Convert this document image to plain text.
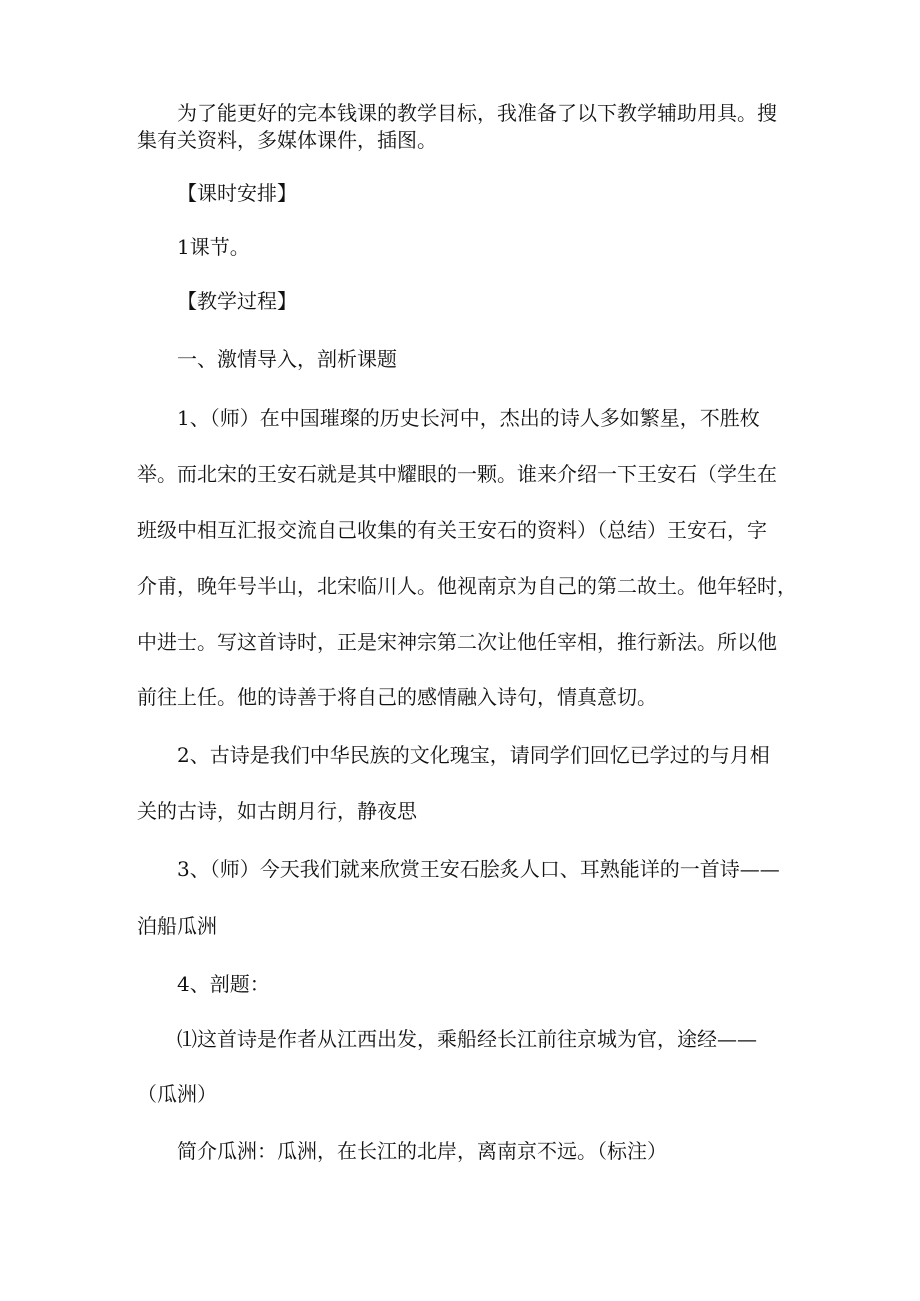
为了能更好的完本钱课的教学目标，我准备了以下教学辅助用具。搜
集有关资料，多媒体课件，插图。
【课时安排】
1课节。
【教学过程】
一、激情导入，剖析课题
1、（师）在中国璀璨的历史长河中，杰出的诗人多如繁星，不胜枚
举。而北宋的王安石就是其中耀眼的一颗。谁来介绍一下王安石（学生在
班级中相互汇报交流自己收集的有关王安石的资料）（总结）王安石，字
介甫，晚年号半山，北宋临川人。他视南京为自己的第二故土。他年轻时，
中进士。写这首诗时，正是宋神宗第二次让他任宰相，推行新法。所以他
前往上任。他的诗善于将自己的感情融入诗句，情真意切。
2、古诗是我们中华民族的文化瑰宝，请同学们回忆已学过的与月相
关的古诗，如古朗月行，静夜思
3、（师）今天我们就来欣赏王安石脍炙人口、耳熟能详的一首诗——
泊船瓜洲
4、剖题：
⑴这首诗是作者从江西出发，乘船经长江前往京城为官，途经——
（瓜洲）
简介瓜洲：瓜洲，在长江的北岸，离南京不远。（标注）
